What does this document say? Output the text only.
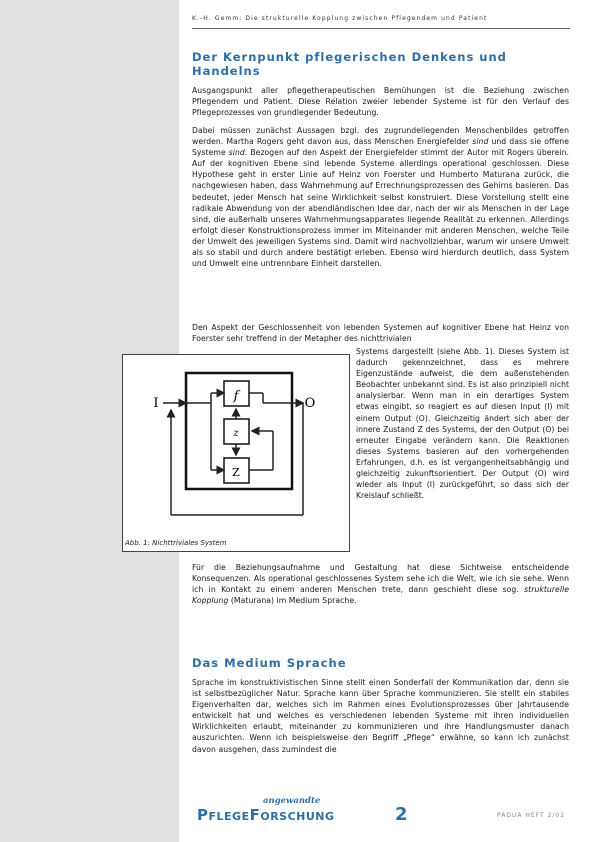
K.-H. Gemm: Die strukturelle Kopplung zwischen Pflegendem und Patient
Der Kernpunkt pflegerischen Denkens und Handelns

Ausgangspunkt aller pflegetherapeutischen Bemühungen ist die Beziehung zwischen Pflegendem und Patient. Diese Relation zweier lebender Systeme ist für den Verlauf des Pflegeprozesses von grundlegender Bedeutung.

Dabei müssen zunächst Aussagen bzgl. des zugrundeliegenden Menschenbildes getroffen werden. Martha Rogers geht davon aus, dass Menschen Energiefelder sind und dass sie offene Systeme sind. Bezogen auf den Aspekt der Energiefelder stimmt der Autor mit Rogers überein. Auf der kognitiven Ebene sind lebende Systeme allerdings operational geschlossen. Diese Hypothese geht in erster Linie auf Heinz von Foerster und Humberto Maturana zurück, die nachgewiesen haben, dass Wahrnehmung auf Errechnungsprozessen des Gehirns basieren. Das bedeutet, jeder Mensch hat seine Wirklichkeit selbst konstruiert. Diese Vorstellung stellt eine radikale Abwendung von der abendländischen Idee dar, nach der wir als Menschen in der Lage sind, die außerhalb unseres Wahrnehmungsapparates liegende Realität zu erkennen. Allerdings erfolgt dieser Konstruktionsprozess immer im Miteinander mit anderen Menschen, welche Teile der Umwelt des jeweiligen Systems sind. Damit wird nachvollziehbar, warum wir unsere Umwelt als so stabil und durch andere bestätigt erleben. Ebenso wird hierdurch deutlich, dass System und Umwelt eine untrennbare Einheit darstellen.

Den Aspekt der Geschlossenheit von lebenden Systemen auf kognitiver Ebene hat Heinz von Foerster sehr treffend in der Metapher des nichttrivialen

f
z
Z
I	O
Abb. 1: Nichttriviales System

Systems dargestellt (siehe Abb. 1). Dieses System ist dadurch gekennzeichnet, dass es mehrere Eigenzustände aufweist, die dem außenstehenden Beobachter unbekannt sind. Es ist also prinzipiell nicht analysierbar. Wenn man in ein derartiges System etwas eingibt, so reagiert es auf diesen Input (I) mit einem Output (O). Gleichzeitig ändert sich aber der innere Zustand Z des Systems, der den Output (O) bei erneuter Eingabe verändern kann. Die Reaktionen dieses Systems basieren auf den vorhergehenden Erfahrungen, d.h. es ist vergangenheitsabhängig und gleichzeitig zukunftsorientiert. Der Output (O) wird wieder als Input (I) zurückgeführt, so dass sich der Kreislauf schließt.

Für die Beziehungsaufnahme und Gestaltung hat diese Sichtweise entscheidende Konsequenzen. Als operational geschlossenes System sehe ich die Welt, wie ich sie sehe. Wenn ich in Kontakt zu einem anderen Menschen trete, dann geschieht diese sog. strukturelle Kopplung (Maturana) im Medium Sprache.

Das Medium Sprache

Sprache im konstruktivistischen Sinne stellt einen Sonderfall der Kommunikation dar, denn sie ist selbstbezüglicher Natur. Sprache kann über Sprache kommunizieren. Sie stellt ein stabiles Eigenverhalten dar, welches sich im Rahmen eines Evolutionsprozesses über Jahrtausende entwickelt hat und welches es verschiedenen lebenden Systeme mit ihren individuellen Wirklichkeiten erlaubt, miteinander zu kommunizieren und ihre Handlungsmuster danach auszurichten. Wenn ich beispielsweise den Begriff „Pflege“ erwähne, so kann ich zunächst davon ausgehen, dass zumindest die

angewandte
PFLEGEFORSCHUNG	2	PADUA HEFT 2/02
